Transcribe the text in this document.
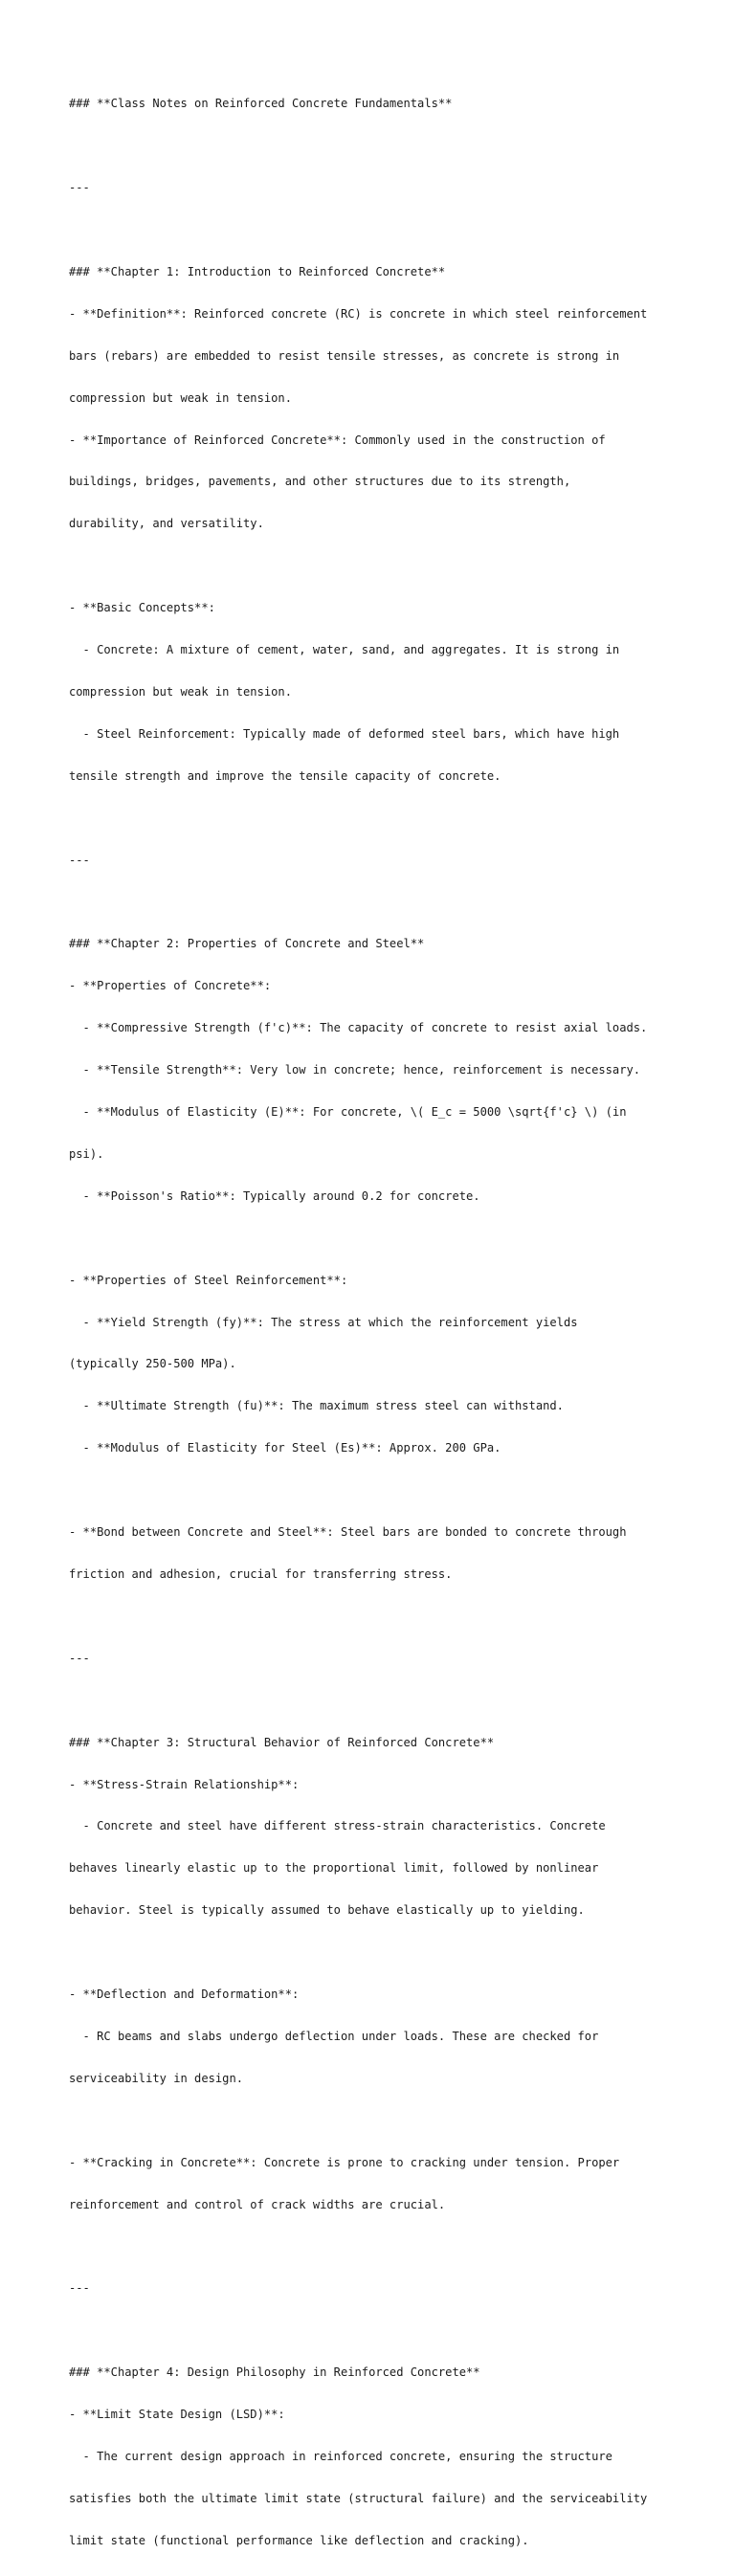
### **Class Notes on Reinforced Concrete Fundamentals**

---

### **Chapter 1: Introduction to Reinforced Concrete**

- **Definition**: Reinforced concrete (RC) is concrete in which steel reinforcement

bars (rebars) are embedded to resist tensile stresses, as concrete is strong in

compression but weak in tension.

- **Importance of Reinforced Concrete**: Commonly used in the construction of

buildings, bridges, pavements, and other structures due to its strength,

durability, and versatility.

- **Basic Concepts**:

- Concrete: A mixture of cement, water, sand, and aggregates. It is strong in

compression but weak in tension.

- Steel Reinforcement: Typically made of deformed steel bars, which have high

tensile strength and improve the tensile capacity of concrete.

---

### **Chapter 2: Properties of Concrete and Steel**

- **Properties of Concrete**:

- **Compressive Strength (f'c)**: The capacity of concrete to resist axial loads.

- **Tensile Strength**: Very low in concrete; hence, reinforcement is necessary.

- **Modulus of Elasticity (E)**: For concrete, \( E_c = 5000 \sqrt{f'c} \) (in

psi).

- **Poisson's Ratio**: Typically around 0.2 for concrete.

- **Properties of Steel Reinforcement**:

- **Yield Strength (fy)**: The stress at which the reinforcement yields

(typically 250-500 MPa).

- **Ultimate Strength (fu)**: The maximum stress steel can withstand.

- **Modulus of Elasticity for Steel (Es)**: Approx. 200 GPa.

- **Bond between Concrete and Steel**: Steel bars are bonded to concrete through

friction and adhesion, crucial for transferring stress.

---

### **Chapter 3: Structural Behavior of Reinforced Concrete**

- **Stress-Strain Relationship**:

- Concrete and steel have different stress-strain characteristics. Concrete

behaves linearly elastic up to the proportional limit, followed by nonlinear

behavior. Steel is typically assumed to behave elastically up to yielding.

- **Deflection and Deformation**:

- RC beams and slabs undergo deflection under loads. These are checked for

serviceability in design.

- **Cracking in Concrete**: Concrete is prone to cracking under tension. Proper

reinforcement and control of crack widths are crucial.

---

### **Chapter 4: Design Philosophy in Reinforced Concrete**

- **Limit State Design (LSD)**:

- The current design approach in reinforced concrete, ensuring the structure

satisfies both the ultimate limit state (structural failure) and the serviceability

limit state (functional performance like deflection and cracking).
